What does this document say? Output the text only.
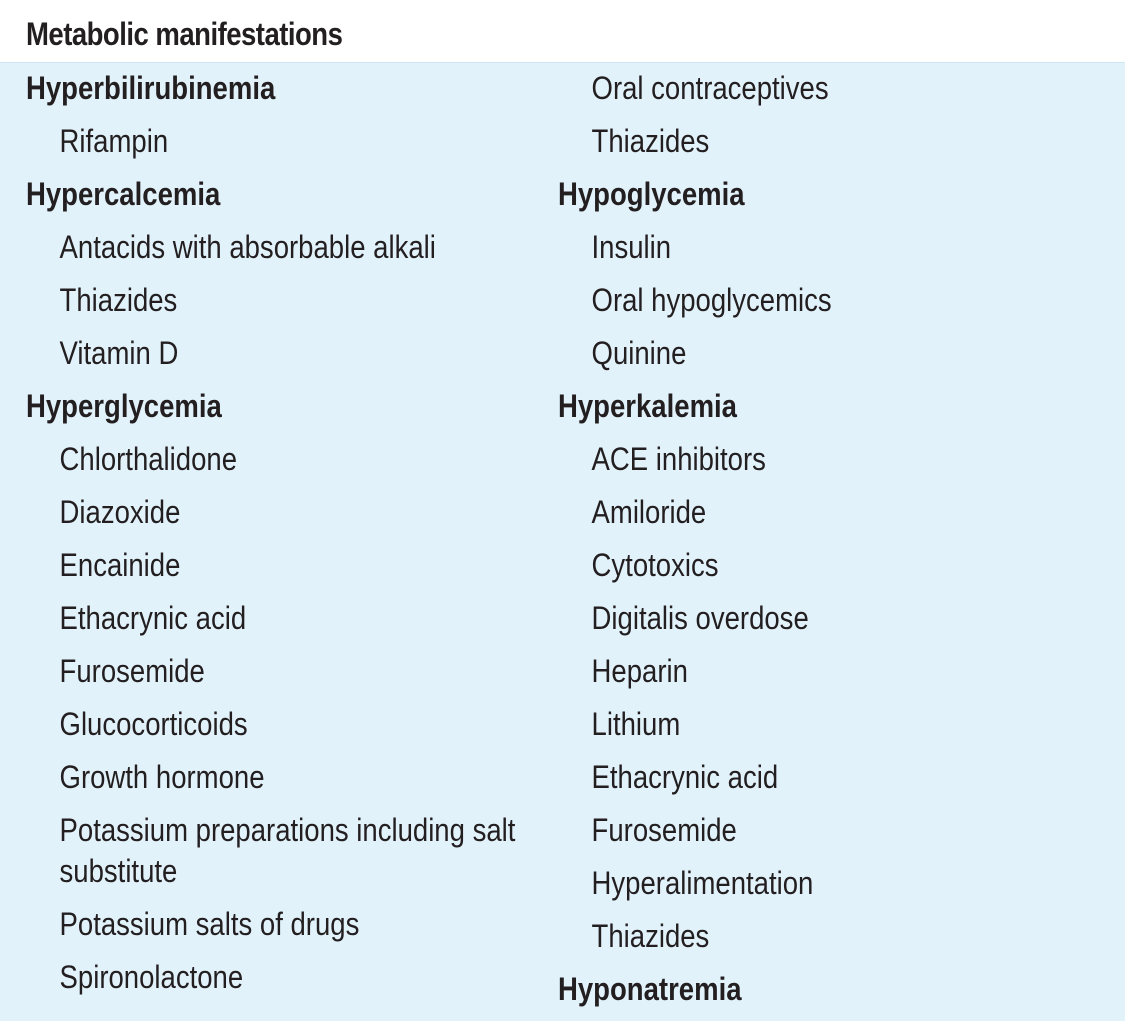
Metabolic manifestations
Hyperbilirubinemia
Rifampin
Hypercalcemia
Antacids with absorbable alkali
Thiazides
Vitamin D
Hyperglycemia
Chlorthalidone
Diazoxide
Encainide
Ethacrynic acid
Furosemide
Glucocorticoids
Growth hormone
Potassium preparations including salt substitute
Potassium salts of drugs
Spironolactone
Oral contraceptives
Thiazides
Hypoglycemia
Insulin
Oral hypoglycemics
Quinine
Hyperkalemia
ACE inhibitors
Amiloride
Cytotoxics
Digitalis overdose
Heparin
Lithium
Ethacrynic acid
Furosemide
Hyperalimentation
Thiazides
Hyponatremia
